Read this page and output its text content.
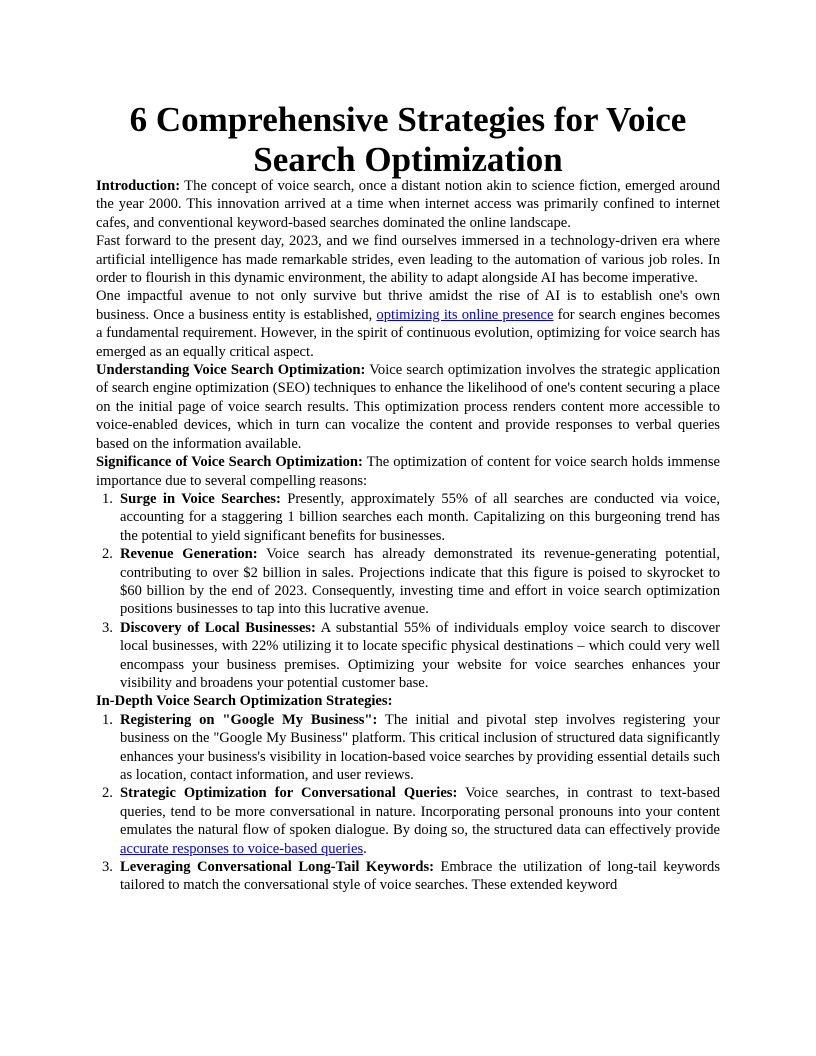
6 Comprehensive Strategies for Voice Search Optimization

Introduction: The concept of voice search, once a distant notion akin to science fiction, emerged around the year 2000. This innovation arrived at a time when internet access was primarily confined to internet cafes, and conventional keyword-based searches dominated the online landscape.

Fast forward to the present day, 2023, and we find ourselves immersed in a technology-driven era where artificial intelligence has made remarkable strides, even leading to the automation of various job roles. In order to flourish in this dynamic environment, the ability to adapt alongside AI has become imperative.

One impactful avenue to not only survive but thrive amidst the rise of AI is to establish one's own business. Once a business entity is established, optimizing its online presence for search engines becomes a fundamental requirement. However, in the spirit of continuous evolution, optimizing for voice search has emerged as an equally critical aspect.

Understanding Voice Search Optimization: Voice search optimization involves the strategic application of search engine optimization (SEO) techniques to enhance the likelihood of one's content securing a place on the initial page of voice search results. This optimization process renders content more accessible to voice-enabled devices, which in turn can vocalize the content and provide responses to verbal queries based on the information available.

Significance of Voice Search Optimization: The optimization of content for voice search holds immense importance due to several compelling reasons:

1. Surge in Voice Searches: Presently, approximately 55% of all searches are conducted via voice, accounting for a staggering 1 billion searches each month. Capitalizing on this burgeoning trend has the potential to yield significant benefits for businesses.
2. Revenue Generation: Voice search has already demonstrated its revenue-generating potential, contributing to over $2 billion in sales. Projections indicate that this figure is poised to skyrocket to $60 billion by the end of 2023. Consequently, investing time and effort in voice search optimization positions businesses to tap into this lucrative avenue.
3. Discovery of Local Businesses: A substantial 55% of individuals employ voice search to discover local businesses, with 22% utilizing it to locate specific physical destinations – which could very well encompass your business premises. Optimizing your website for voice searches enhances your visibility and broadens your potential customer base.

In-Depth Voice Search Optimization Strategies:

1. Registering on "Google My Business": The initial and pivotal step involves registering your business on the "Google My Business" platform. This critical inclusion of structured data significantly enhances your business's visibility in location-based voice searches by providing essential details such as location, contact information, and user reviews.
2. Strategic Optimization for Conversational Queries: Voice searches, in contrast to text-based queries, tend to be more conversational in nature. Incorporating personal pronouns into your content emulates the natural flow of spoken dialogue. By doing so, the structured data can effectively provide accurate responses to voice-based queries.
3. Leveraging Conversational Long-Tail Keywords: Embrace the utilization of long-tail keywords tailored to match the conversational style of voice searches. These extended keyword
